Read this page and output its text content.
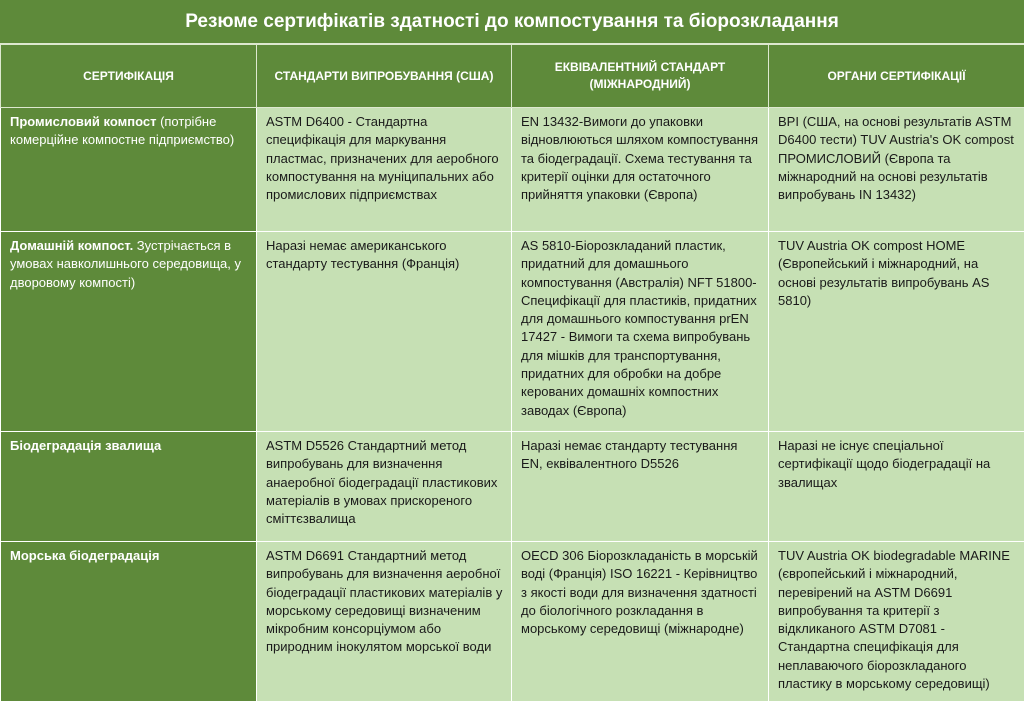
Резюме сертифікатів здатності до компостування та біорозкладання
СЕРТИФІКАЦІЯ	СТАНДАРТИ ВИПРОБУВАННЯ (США)	ЕКВІВАЛЕНТНИЙ СТАНДАРТ (МІЖНАРОДНИЙ)	ОРГАНИ СЕРТИФІКАЦІЇ
Промисловий компост (потрібне комерційне компостне підприємство)	ASTM D6400 - Стандартна специфікація для маркування пластмас, призначених для аеробного компостування на муніципальних або промислових підприємствах	EN 13432-Вимоги до упаковки відновлюються шляхом компостування та біодеградації. Схема тестування та критерії оцінки для остаточного прийняття упаковки (Європа)	BPI (США, на основі результатів ASTM D6400 тести) TUV Austria's OK compost ПРОМИСЛОВИЙ (Європа та міжнародний на основі результатів випробувань IN 13432)
Домашній компост. Зустрічається в умовах навколишнього середовища, у дворовому компості)	Наразі немає американського стандарту тестування (Франція)	AS 5810-Біорозкладаний пластик, придатний для домашнього компостування (Австралія) NFT 51800-Специфікації для пластиків, придатних для домашнього компостування prEN 17427 - Вимоги та схема випробувань для мішків для транспортування, придатних для обробки на добре керованих домашніх компостних заводах (Європа)	TUV Austria OK compost HOME (Європейський і міжнародний, на основі результатів випробувань AS 5810)
Біодеградація звалища	ASTM D5526 Стандартний метод випробувань для визначення анаеробної біодеградації пластикових матеріалів в умовах прискореного сміттєзвалища	Наразі немає стандарту тестування EN, еквівалентного D5526	Наразі не існує спеціальної сертифікації щодо біодеградації на звалищах
Морська біодеградація	ASTM D6691 Стандартний метод випробувань для визначення аеробної біодеградації пластикових матеріалів у морському середовищі визначеним мікробним консорціумом або природним інокулятом морської води	OECD 306 Біорозкладаність в морській воді (Франція) ISO 16221 - Керівництво з якості води для визначення здатності до біологічного розкладання в морському середовищі (міжнародне)	TUV Austria OK biodegradable MARINE (європейський і міжнародний, перевірений на ASTM D6691 випробування та критерії з відкликаного ASTM D7081 - Стандартна специфікація для неплаваючого біорозкладаного пластику в морському середовищі)
